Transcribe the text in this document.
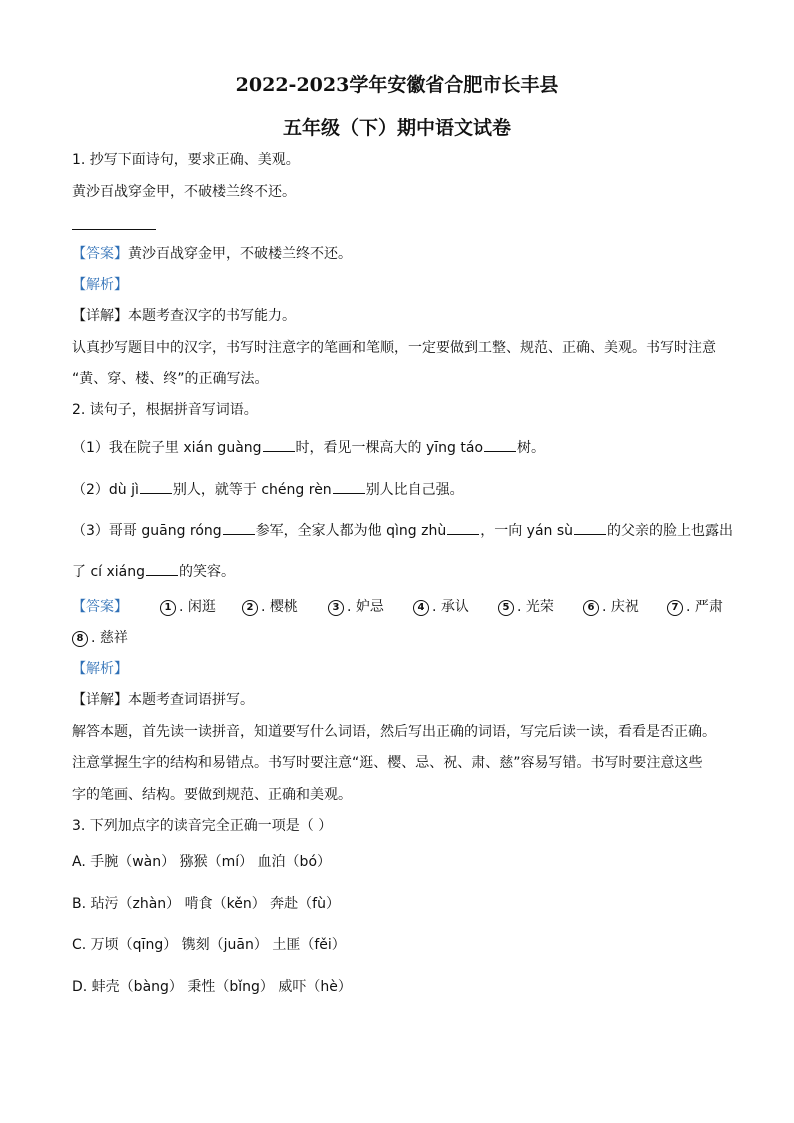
2022-2023学年安徽省合肥市长丰县
五年级（下）期中语文试卷
1. 抄写下面诗句，要求正确、美观。
黄沙百战穿金甲，不破楼兰终不还。
【答案】黄沙百战穿金甲，不破楼兰终不还。
【解析】
【详解】本题考查汉字的书写能力。
认真抄写题目中的汉字，书写时注意字的笔画和笔顺，一定要做到工整、规范、正确、美观。书写时注意
“黄、穿、楼、终”的正确写法。
2. 读句子，根据拼音写词语。
（1）我在院子里 xián guàng 时，看见一棵高大的 yīng táo 树。
（2）dù jì 别人，就等于 chéng rèn 别人比自己强。
（3）哥哥 guāng róng 参军，全家人都为他 qìng zhù ，一向 yán sù 的父亲的脸上也露出
了 cí xiáng 的笑容。
【答案】	1 . 闲逛	2 . 樱桃	3 . 妒忌	4 . 承认	5 . 光荣	6 . 庆祝	7 . 严肃
8 . 慈祥
【解析】
【详解】本题考查词语拼写。
解答本题，首先读一读拼音，知道要写什么词语，然后写出正确的词语，写完后读一读，看看是否正确。
注意掌握生字的结构和易错点。书写时要注意“逛、樱、忌、祝、肃、慈”容易写错。书写时要注意这些
字的笔画、结构。要做到规范、正确和美观。
3. 下列加点字的读音完全正确一项是（ ）
A. 手腕（wàn） 猕猴（mí） 血泊（bó）
B. 玷污（zhàn） 啃食（kěn） 奔赴（fù）
C. 万顷（qīng） 镌刻（juān） 土匪（fěi）
D. 蚌壳（bàng） 秉性（bǐng） 威吓（hè）
